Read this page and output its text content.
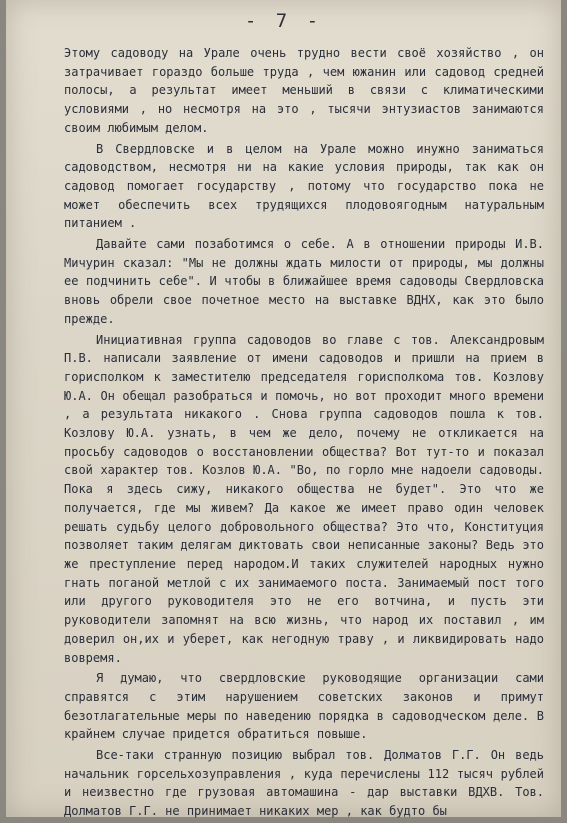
- 7 -

Этому садоводу на Урале очень трудно вести своё хозяйство , он затрачивает гораздо больше труда , чем южанин или садовод средней полосы, а результат имеет меньший в связи с климатическими условиями , но несмотря на это , тысячи энтузиастов занимаются своим любимым делом.

В Свердловске и в целом на Урале можно инужно заниматься садоводством, несмотря ни на какие условия природы, так как он садовод помогает государству , потому что государство пока не может обеспечить всех трудящихся плодовоягодным натуральным питанием .

Давайте сами позаботимся о себе. А в отношении природы И.В. Мичурин сказал: "Мы не должны ждать милости от природы, мы должны ее подчинить себе". И чтобы в ближайшее время садоводы Свердловска вновь обрели свое почетное место на выставке ВДНХ, как это было прежде.

Инициативная группа садоводов во главе с тов. Александровым П.В. написали заявление от имени садоводов и пришли на прием в горисполком к заместителю председателя горисполкома тов. Козлову Ю.А. Он обещал разобраться и помочь, но вот проходит много времени , а результата никакого . Снова группа садоводов пошла к тов. Козлову Ю.А. узнать, в чем же дело, почему не откликается на просьбу садоводов о восстановлении общества? Вот тут-то и показал свой характер тов. Козлов Ю.А. "Во, по горло мне надоели садоводы. Пока я здесь сижу, никакого общества не будет". Это что же получается, где мы живем? Да какое же имеет право один человек решать судьбу целого добровольного общества? Это что, Конституция позволяет таким делягам диктовать свои неписанные законы? Ведь это же преступление перед народом.И таких служителей народных нужно гнать поганой метлой с их занимаемого поста. Занимаемый пост того или другого руководителя это не его вотчина, и пусть эти руководители запомнят на всю жизнь, что народ их поставил , им доверил он,их и уберет, как негодную траву , и ликвидировать надо вовремя.

Я думаю, что свердловские руководящие организации сами справятся с этим нарушением советских законов и примут безотлагательные меры по наведению порядка в садоводческом деле. В крайнем случае придется обратиться повыше.

Все-таки странную позицию выбрал тов. Долматов Г.Г. Он ведь начальник горсельхозуправления , куда перечислены 112 тысяч рублей и неизвестно где грузовая автомашина - дар выставки ВДХВ. Тов. Долматов Г.Г. не принимает никаких мер , как будто бы
